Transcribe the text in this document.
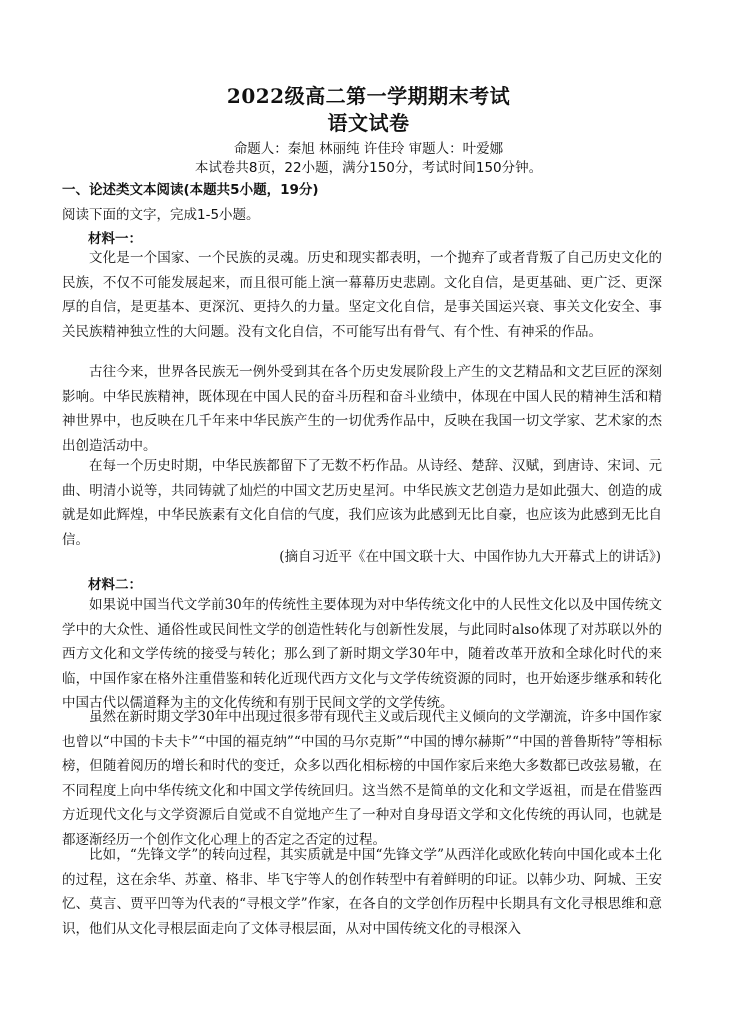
2022级高二第一学期期末考试
语文试卷
命题人：秦旭 林丽纯 许佳玲 审题人：叶爱娜
本试卷共8页，22小题，满分150分，考试时间150分钟。
一、论述类文本阅读(本题共5小题，19分)
阅读下面的文字，完成1-5小题。
材料一：

文化是一个国家、一个民族的灵魂。历史和现实都表明，一个抛弃了或者背叛了自己历史文化的民族，不仅不可能发展起来，而且很可能上演一幕幕历史悲剧。文化自信，是更基础、更广泛、更深厚的自信，是更基本、更深沉、更持久的力量。坚定文化自信，是事关国运兴衰、事关文化安全、事关民族精神独立性的大问题。没有文化自信，不可能写出有骨气、有个性、有神采的作品。

古往今来，世界各民族无一例外受到其在各个历史发展阶段上产生的文艺精品和文艺巨匠的深刻影响。中华民族精神，既体现在中国人民的奋斗历程和奋斗业绩中，体现在中国人民的精神生活和精神世界中，也反映在几千年来中华民族产生的一切优秀作品中，反映在我国一切文学家、艺术家的杰出创造活动中。

在每一个历史时期，中华民族都留下了无数不朽作品。从诗经、楚辞、汉赋，到唐诗、宋词、元曲、明清小说等，共同铸就了灿烂的中国文艺历史星河。中华民族文艺创造力是如此强大、创造的成就是如此辉煌，中华民族素有文化自信的气度，我们应该为此感到无比自豪，也应该为此感到无比自信。

(摘自习近平《在中国文联十大、中国作协九大开幕式上的讲话》)
材料二：

如果说中国当代文学前30年的传统性主要体现为对中华传统文化中的人民性文化以及中国传统文学中的大众性、通俗性或民间性文学的创造性转化与创新性发展，与此同时also体现了对苏联以外的西方文化和文学传统的接受与转化；那么到了新时期文学30年中，随着改革开放和全球化时代的来临，中国作家在格外注重借鉴和转化近现代西方文化与文学传统资源的同时，也开始逐步继承和转化中国古代以儒道释为主的文化传统和有别于民间文学的文学传统。

虽然在新时期文学30年中出现过很多带有现代主义或后现代主义倾向的文学潮流，许多中国作家也曾以“中国的卡夫卡”“中国的福克纳”“中国的马尔克斯”“中国的博尔赫斯”“中国的普鲁斯特”等相标榜，但随着阅历的增长和时代的变迁，众多以西化相标榜的中国作家后来绝大多数都已改弦易辙，在不同程度上向中华传统文化和中国文学传统回归。这当然不是简单的文化和文学返祖，而是在借鉴西方近现代文化与文学资源后自觉或不自觉地产生了一种对自身母语文学和文化传统的再认同，也就是都逐渐经历一个创作文化心理上的否定之否定的过程。

比如，“先锋文学”的转向过程，其实质就是中国“先锋文学”从西洋化或欧化转向中国化或本土化的过程，这在余华、苏童、格非、毕飞宇等人的创作转型中有着鲜明的印证。以韩少功、阿城、王安忆、莫言、贾平凹等为代表的“寻根文学”作家，在各自的文学创作历程中长期具有文化寻根思维和意识，他们从文化寻根层面走向了文体寻根层面，从对中国传统文化的寻根深入
